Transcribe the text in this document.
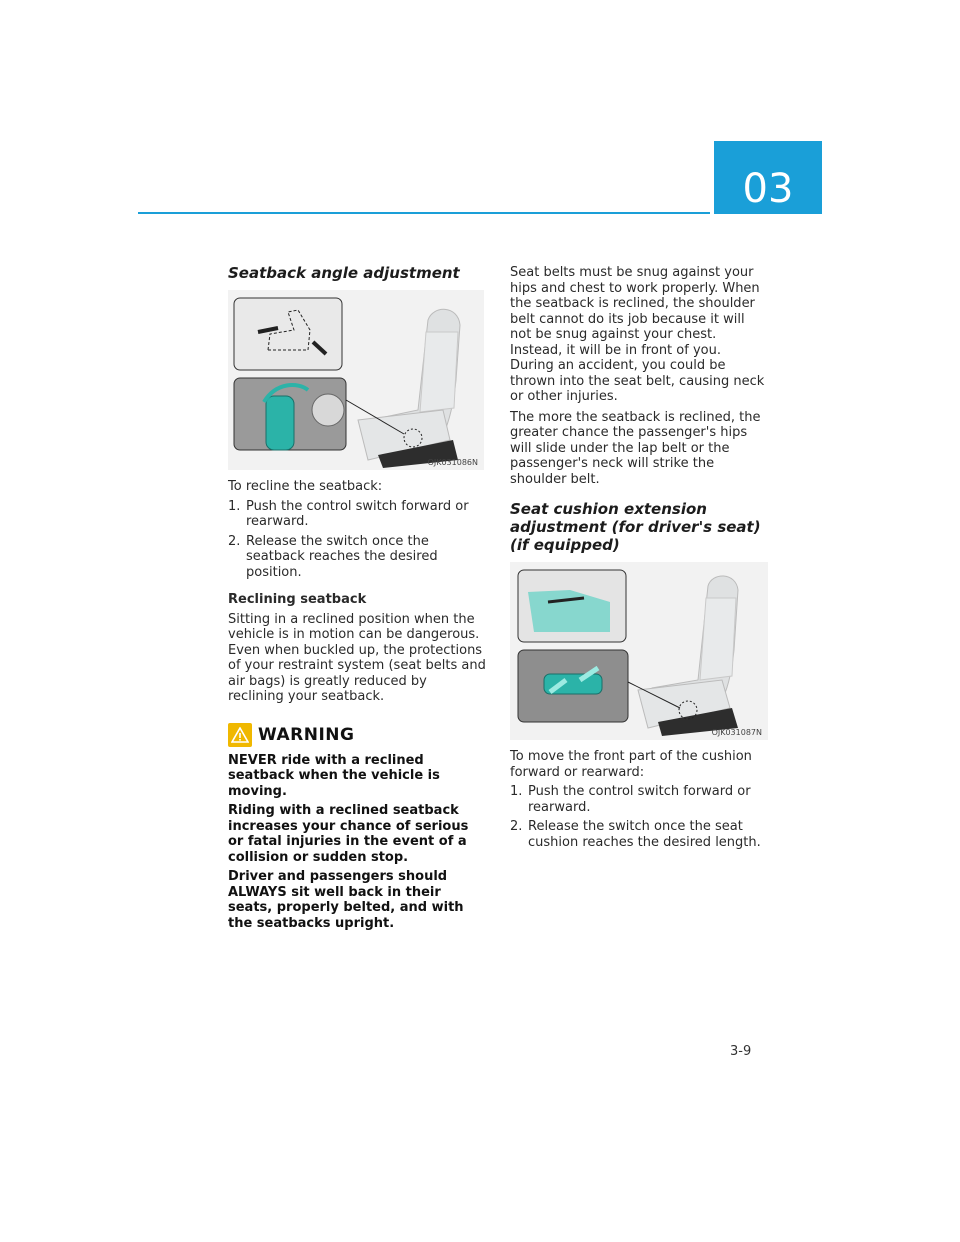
03
Seatback angle adjustment
OJK031086N

To recline the seatback:

1. Push the control switch forward or rearward.
2. Release the switch once the seatback reaches the desired position.

Reclining seatback

Sitting in a reclined position when the vehicle is in motion can be dangerous. Even when buckled up, the protections of your restraint system (seat belts and air bags) is greatly reduced by reclining your seatback.

WARNING

NEVER ride with a reclined seatback when the vehicle is moving.

Riding with a reclined seatback increases your chance of serious or fatal injuries in the event of a collision or sudden stop.

Driver and passengers should ALWAYS sit well back in their seats, properly belted, and with the seatbacks upright.

Seat belts must be snug against your hips and chest to work properly. When the seatback is reclined, the shoulder belt cannot do its job because it will not be snug against your chest. Instead, it will be in front of you. During an accident, you could be thrown into the seat belt, causing neck or other injuries.

The more the seatback is reclined, the greater chance the passenger's hips will slide under the lap belt or the passenger's neck will strike the shoulder belt.

Seat cushion extension adjustment (for driver's seat) (if equipped)
OJK031087N

To move the front part of the cushion forward or rearward:

1. Push the control switch forward or rearward.
2. Release the switch once the seat cushion reaches the desired length.
3-9
